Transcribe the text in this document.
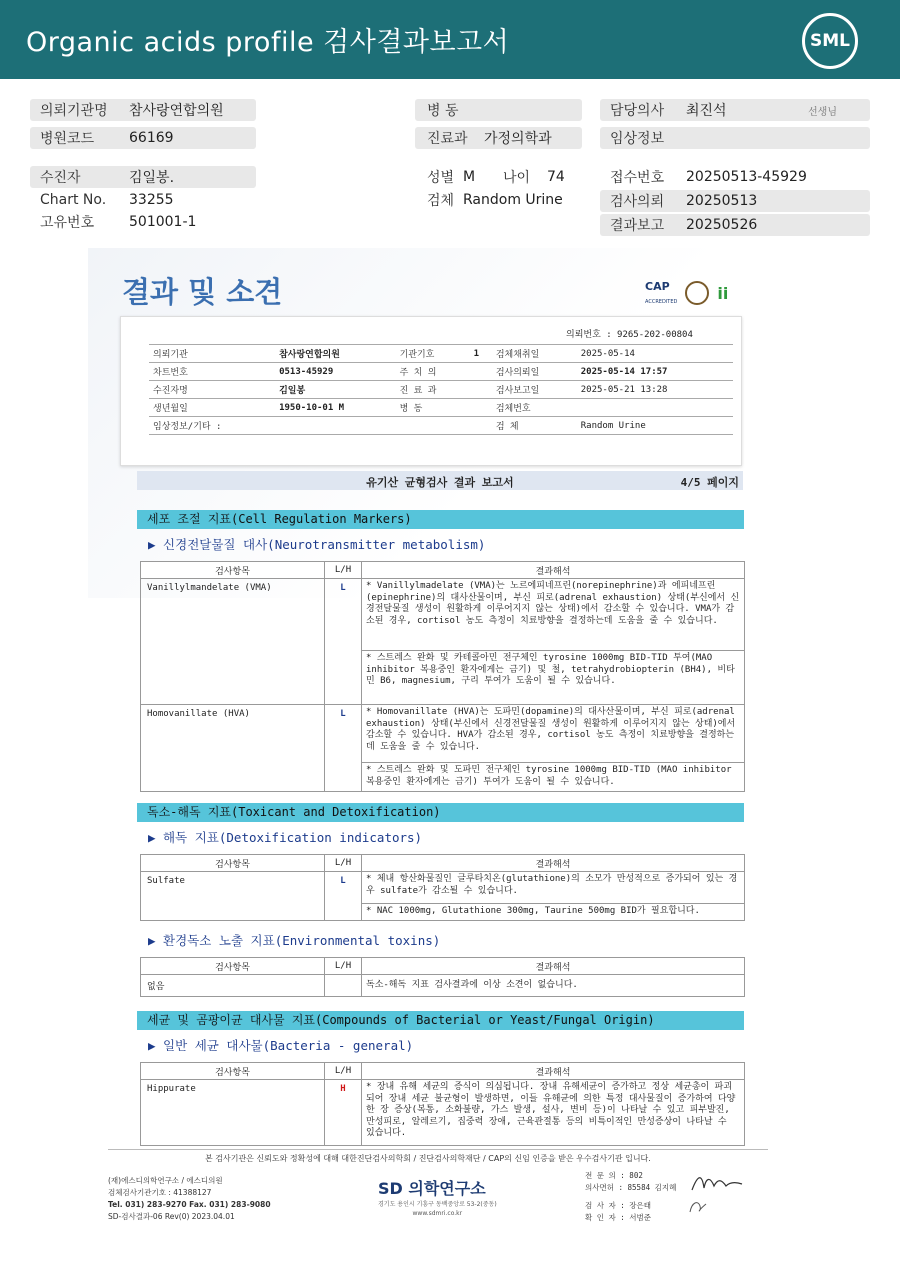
Organic acids profile 검사결과보고서	SML
의뢰기관명 참사랑연합의원
병원코드 66169
수진자	김일봉.
Chart No. 33255
고유번호 501001-1
병 동
진료과 가정의학과
성별 M 나이 74
검체 Random Urine
담당의사 최진석	선생님
임상정보
접수번호 20250513-45929
검사의뢰 20250513
결과보고 20250526
결과 및 소견	CAP
ACCREDITED	ii
의뢰번호 : 9265-202-00804
의뢰기관	참사랑연합의원	기관기호	1	검체채취일	2025-05-14
차트번호	0513-45929	주 치 의		검사의뢰일	2025-05-14 17:57
수진자명	김일봉	진 료 과		검사보고일	2025-05-21 13:28
생년월일	1950-10-01 M	병 동		검체번호	
임상정보/기타 :				검 체	Random Urine
유기산 균형검사 결과 보고서	4/5 페이지
세포 조절 지표(Cell Regulation Markers)
▶ 신경전달물질 대사(Neurotransmitter metabolism)
검사항목	L/H	결과해석
Vanillylmandelate (VMA)	L	* Vanillylmadelate (VMA)는 노르에피네프린(norepinephrine)과 에피네프린(epinephrine)의 대사산물이며, 부신 피로(adrenal exhaustion) 상태(부신에서 신경전달물질 생성이 원활하게 이루어지지 않는 상태)에서 감소할 수 있습니다. VMA가 감소된 경우, cortisol 농도 측정이 치료방향을 결정하는데 도움을 줄 수 있습니다.
		* 스트레스 완화 및 카테콜아민 전구체인 tyrosine 1000mg BID-TID 투여(MAO inhibitor 복용중인 환자에게는 금기) 및 철, tetrahydrobiopterin (BH4), 비타민 B6, magnesium, 구리 투여가 도움이 될 수 있습니다.
Homovanillate (HVA)	L	* Homovanillate (HVA)는 도파민(dopamine)의 대사산물이며, 부신 피로(adrenal exhaustion) 상태(부신에서 신경전달물질 생성이 원활하게 이루어지지 않는 상태)에서 감소할 수 있습니다. HVA가 감소된 경우, cortisol 농도 측정이 치료방향을 결정하는데 도움을 줄 수 있습니다.
		* 스트레스 완화 및 도파민 전구체인 tyrosine 1000mg BID-TID (MAO inhibitor 복용중인 환자에게는 금기) 투여가 도움이 될 수 있습니다.
독소-해독 지표(Toxicant and Detoxification)
▶ 해독 지표(Detoxification indicators)
검사항목	L/H	결과해석
Sulfate	L	* 체내 항산화물질인 글루타치온(glutathione)의 소모가 만성적으로 증가되어 있는 경우 sulfate가 감소될 수 있습니다.
		* NAC 1000mg, Glutathione 300mg, Taurine 500mg BID가 필요합니다.
▶ 환경독소 노출 지표(Environmental toxins)
검사항목	L/H	결과해석
없음		독소-해독 지표 검사결과에 이상 소견이 없습니다.
세균 및 곰팡이균 대사물 지표(Compounds of Bacterial or Yeast/Fungal Origin)
▶ 일반 세균 대사물(Bacteria - general)
검사항목	L/H	결과해석
Hippurate	H	* 장내 유해 세균의 증식이 의심됩니다. 장내 유해세균이 증가하고 정상 세균총이 파괴되어 장내 세균 불균형이 발생하면, 이들 유해균에 의한 특정 대사물질이 증가하여 다양한 장 증상(복통, 소화불량, 가스 발생, 설사, 변비 등)이 나타날 수 있고 피부발진, 만성피로, 알레르기, 집중력 장애, 근육관절통 등의 비특이적인 만성증상이 나타날 수 있습니다.
본 검사기관은 신뢰도와 정확성에 대해 대한진단검사의학회 / 진단검사의학재단 / CAP의 신임 인증을 받은 우수검사기관 입니다.
(재)에스디의학연구소 / 에스디의원
검체검사기관기호 : 41388127
Tel. 031) 283-9270 Fax. 031) 283-9080
SD-검사결과-06 Rev(0) 2023.04.01
SD 의학연구소
경기도 용인시 기흥구 동백중앙로 53-2(중동)
www.sdmri.co.kr
전 문 의 : 802
의사면허 : 85584 김지혜
검 사 자 : 장은태
확 인 자 : 서범준
